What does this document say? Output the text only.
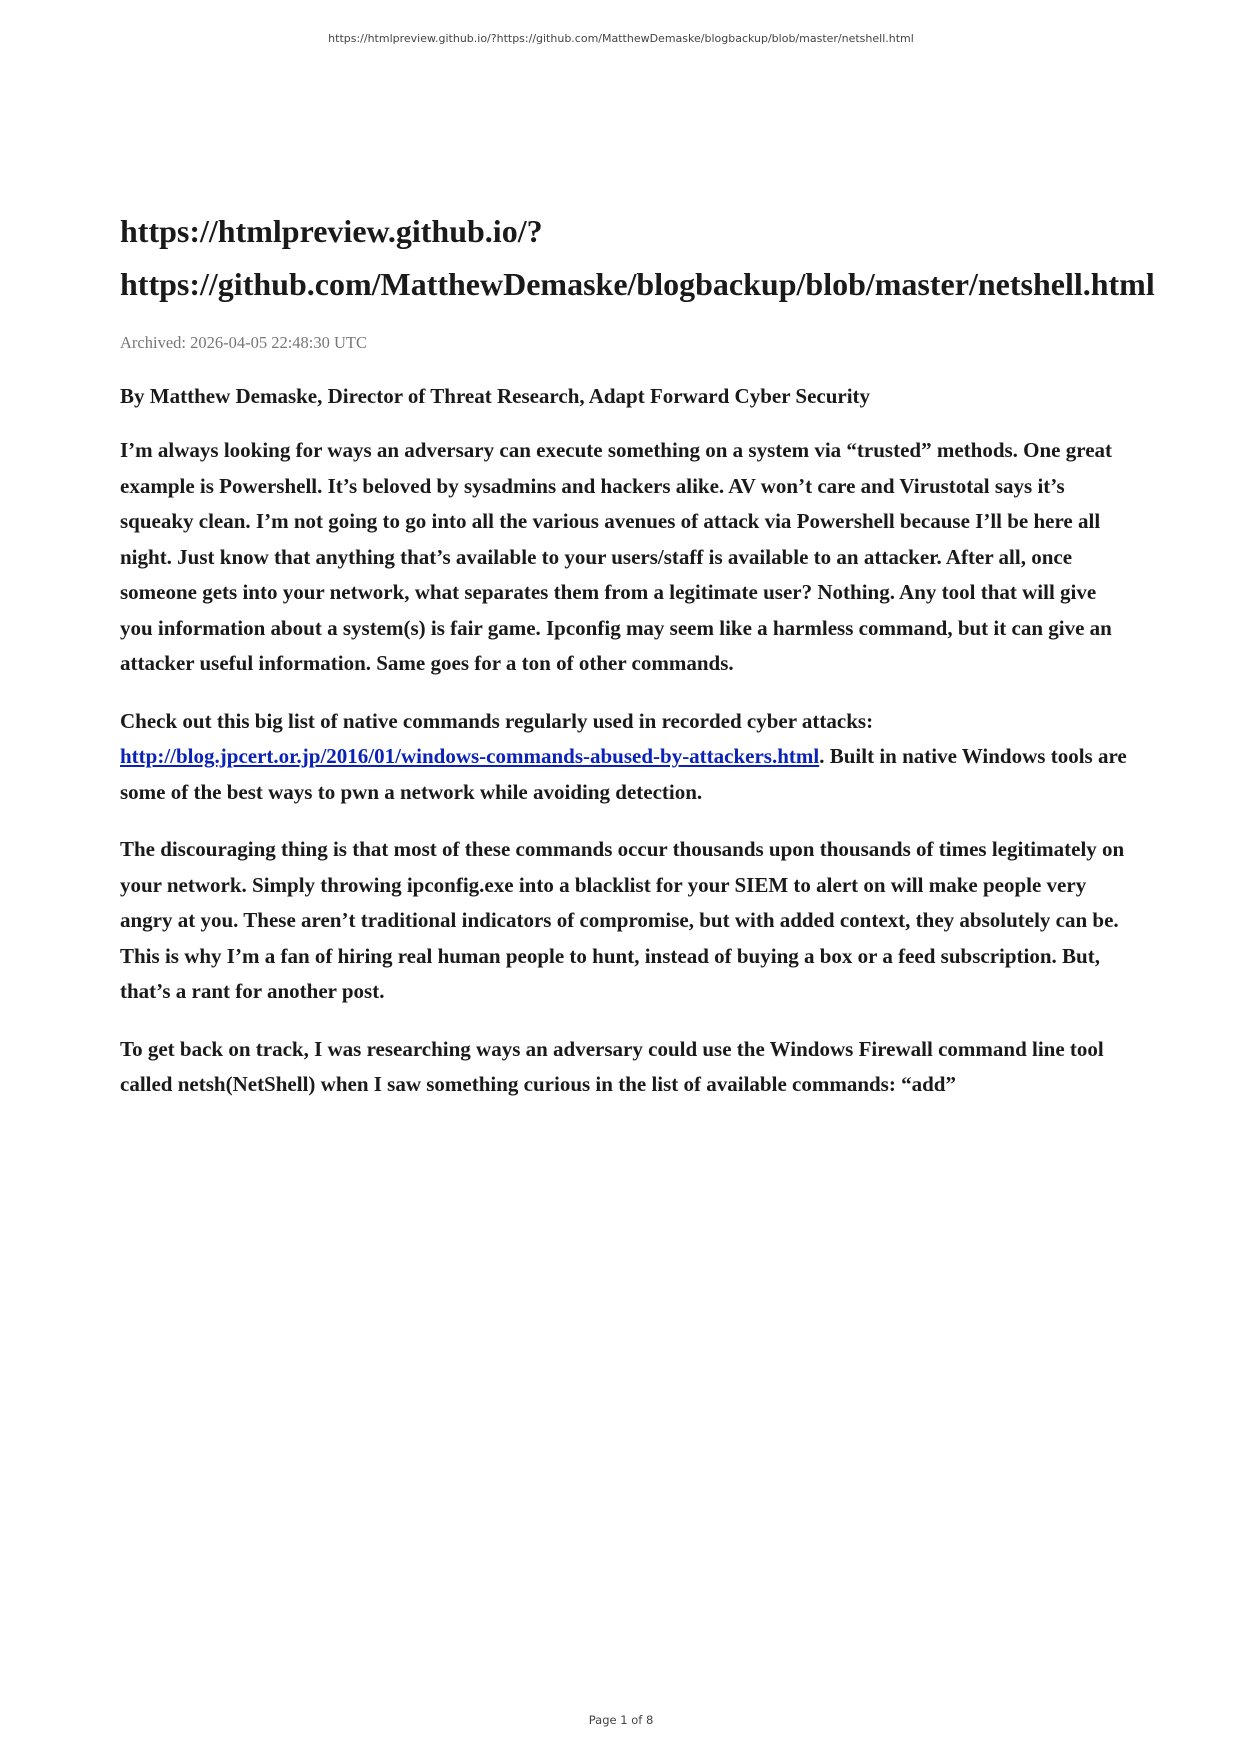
https://htmlpreview.github.io/?https://github.com/MatthewDemaske/blogbackup/blob/master/netshell.html
https://htmlpreview.github.io/?
https://github.com/MatthewDemaske/blogbackup/blob/master/netshell.html
Archived: 2026-04-05 22:48:30 UTC
By Matthew Demaske, Director of Threat Research, Adapt Forward Cyber Security

I’m always looking for ways an adversary can execute something on a system via “trusted” methods. One great example is Powershell. It’s beloved by sysadmins and hackers alike. AV won’t care and Virustotal says it’s squeaky clean. I’m not going to go into all the various avenues of attack via Powershell because I’ll be here all night. Just know that anything that’s available to your users/staff is available to an attacker. After all, once someone gets into your network, what separates them from a legitimate user? Nothing. Any tool that will give you information about a system(s) is fair game. Ipconfig may seem like a harmless command, but it can give an attacker useful information. Same goes for a ton of other commands.

Check out this big list of native commands regularly used in recorded cyber attacks: http://blog.jpcert.or.jp/2016/01/windows-commands-abused-by-attackers.html. Built in native Windows tools are some of the best ways to pwn a network while avoiding detection.

The discouraging thing is that most of these commands occur thousands upon thousands of times legitimately on your network. Simply throwing ipconfig.exe into a blacklist for your SIEM to alert on will make people very angry at you. These aren’t traditional indicators of compromise, but with added context, they absolutely can be. This is why I’m a fan of hiring real human people to hunt, instead of buying a box or a feed subscription. But, that’s a rant for another post.

To get back on track, I was researching ways an adversary could use the Windows Firewall command line tool called netsh(NetShell) when I saw something curious in the list of available commands: “add”

Page 1 of 8
